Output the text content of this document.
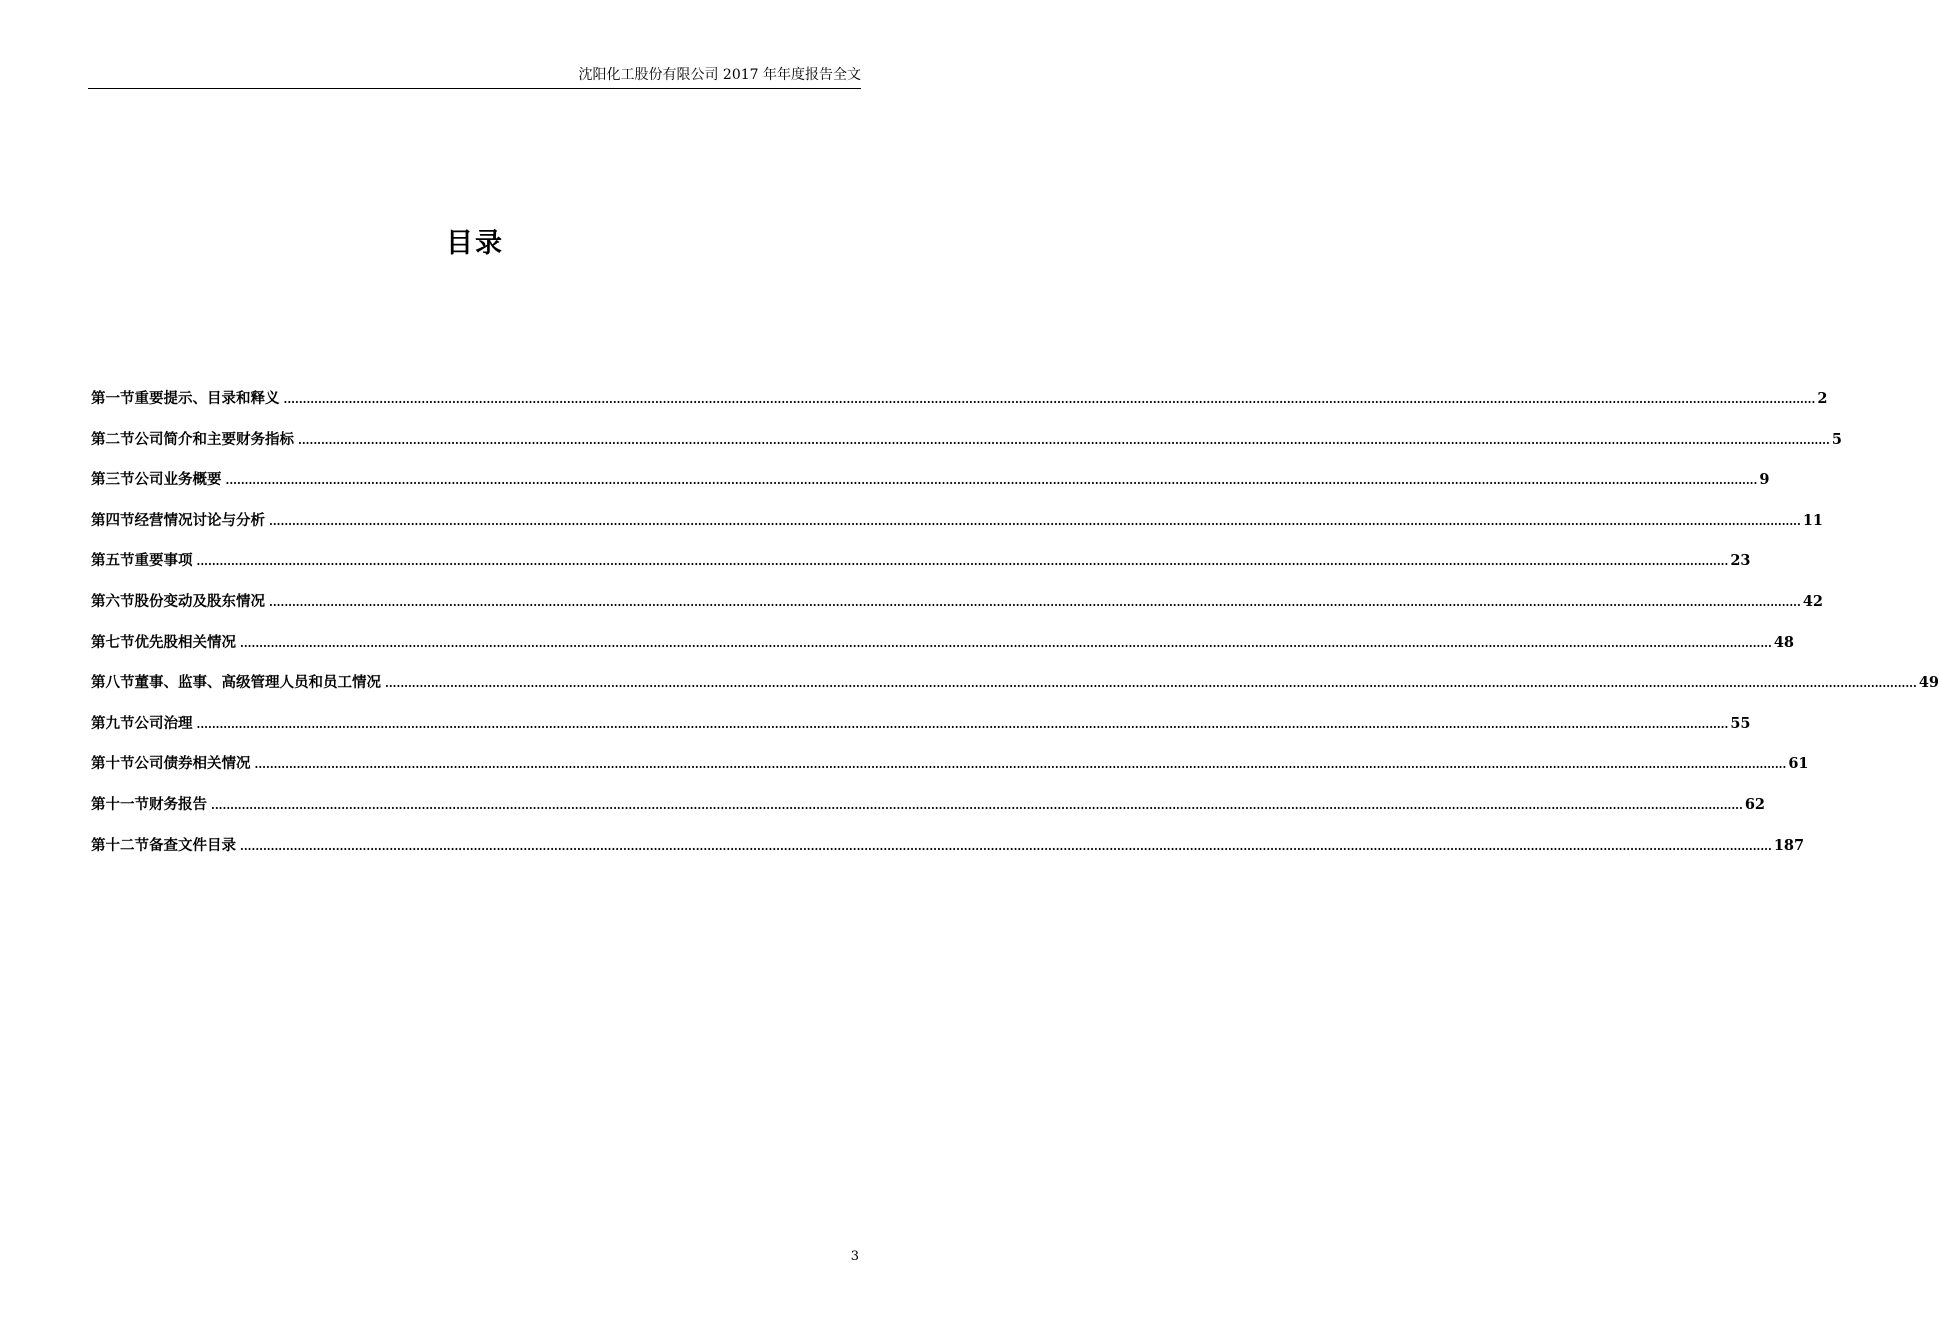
沈阳化工股份有限公司 2017 年年度报告全文
目录
第一节 重要提示、目录和释义 ................................................................................................................................................................................................................................................................................................................................................................................................................ 2
第二节 公司简介和主要财务指标 ................................................................................................................................................................................................................................................................................................................................................................................................................ 5
第三节 公司业务概要 ................................................................................................................................................................................................................................................................................................................................................................................................................ 9
第四节 经营情况讨论与分析 ................................................................................................................................................................................................................................................................................................................................................................................................................ 11
第五节 重要事项 ................................................................................................................................................................................................................................................................................................................................................................................................................ 23
第六节 股份变动及股东情况 ................................................................................................................................................................................................................................................................................................................................................................................................................ 42
第七节 优先股相关情况 ................................................................................................................................................................................................................................................................................................................................................................................................................ 48
第八节 董事、监事、高级管理人员和员工情况 ................................................................................................................................................................................................................................................................................................................................................................................................................ 49
第九节 公司治理 ................................................................................................................................................................................................................................................................................................................................................................................................................ 55
第十节 公司债券相关情况 ................................................................................................................................................................................................................................................................................................................................................................................................................ 61
第十一节 财务报告 ................................................................................................................................................................................................................................................................................................................................................................................................................ 62
第十二节 备查文件目录 ................................................................................................................................................................................................................................................................................................................................................................................................................ 187
3
